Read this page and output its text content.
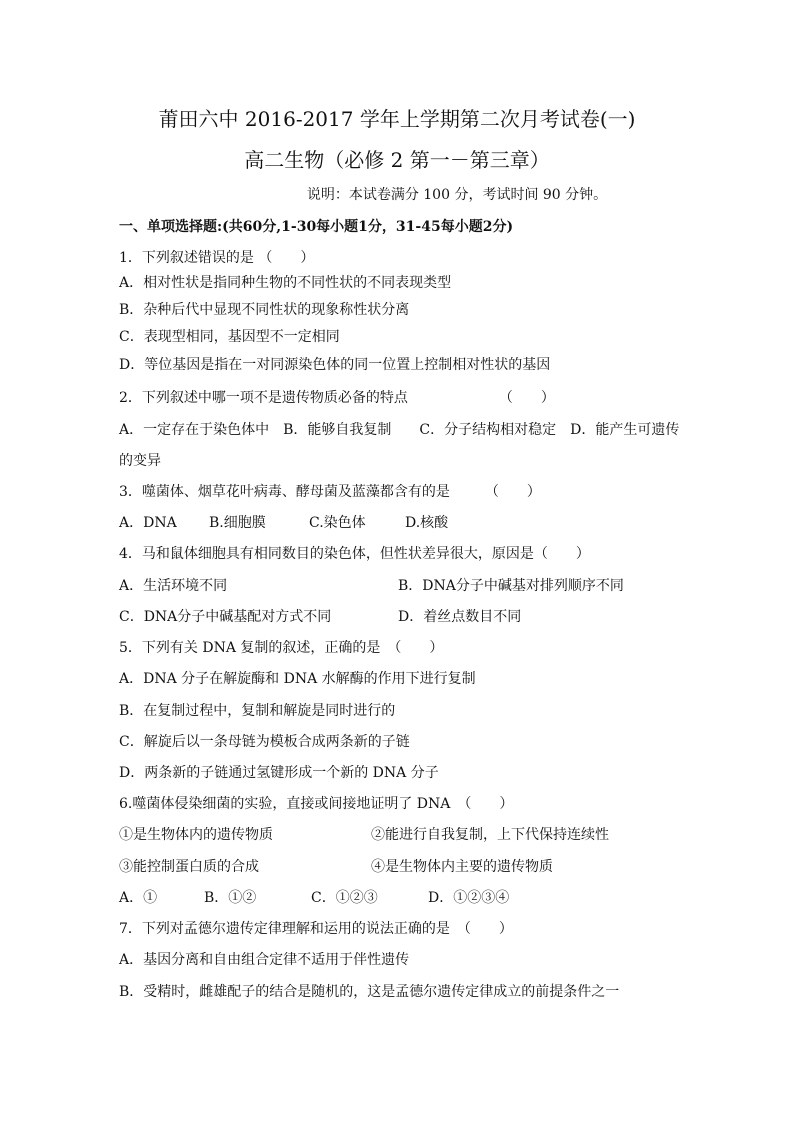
莆田六中 2016-2017 学年上学期第二次月考试卷(一)
高二生物（必修 2 第一－第三章）
说明：本试卷满分 100 分，考试时间 90 分钟。
一、单项选择题:(共60分,1-30每小题1分，31-45每小题2分)
1．下列叙述错误的是 （　　）
A．相对性状是指同种生物的不同性状的不同表现类型
B．杂种后代中显现不同性状的现象称性状分离
C．表现型相同，基因型不一定相同
D．等位基因是指在一对同源染色体的同一位置上控制相对性状的基因
2．下列叙述中哪一项不是遗传物质必备的特点　　　　　　　（　　）
A．一定存在于染色体中　B．能够自我复制　　C．分子结构相对稳定　D．能产生可遗传
的变异
3．噬菌体、烟草花叶病毒、酵母菌及蓝藻都含有的是　　　（　　）
A．DNA B.细胞膜	C.染色体	D.核酸
4．马和鼠体细胞具有相同数目的染色体，但性状差异很大，原因是（　　）
A．生活环境不同	B．DNA分子中碱基对排列顺序不同
C．DNA分子中碱基配对方式不同	D．着丝点数目不同
5．下列有关 DNA 复制的叙述，正确的是　（　　）
A．DNA 分子在解旋酶和 DNA 水解酶的作用下进行复制
B．在复制过程中，复制和解旋是同时进行的
C．解旋后以一条母链为模板合成两条新的子链
D．两条新的子链通过氢键形成一个新的 DNA 分子
6.噬菌体侵染细菌的实验，直接或间接地证明了 DNA　（　　）
①是生物体内的遗传物质	②能进行自我复制，上下代保持连续性
③能控制蛋白质的合成	④是生物体内主要的遗传物质
A．①	B．①②	C．①②③	D．①②③④
7．下列对孟德尔遗传定律理解和运用的说法正确的是　（　　）
A．基因分离和自由组合定律不适用于伴性遗传
B．受精时，雌雄配子的结合是随机的，这是孟德尔遗传定律成立的前提条件之一
